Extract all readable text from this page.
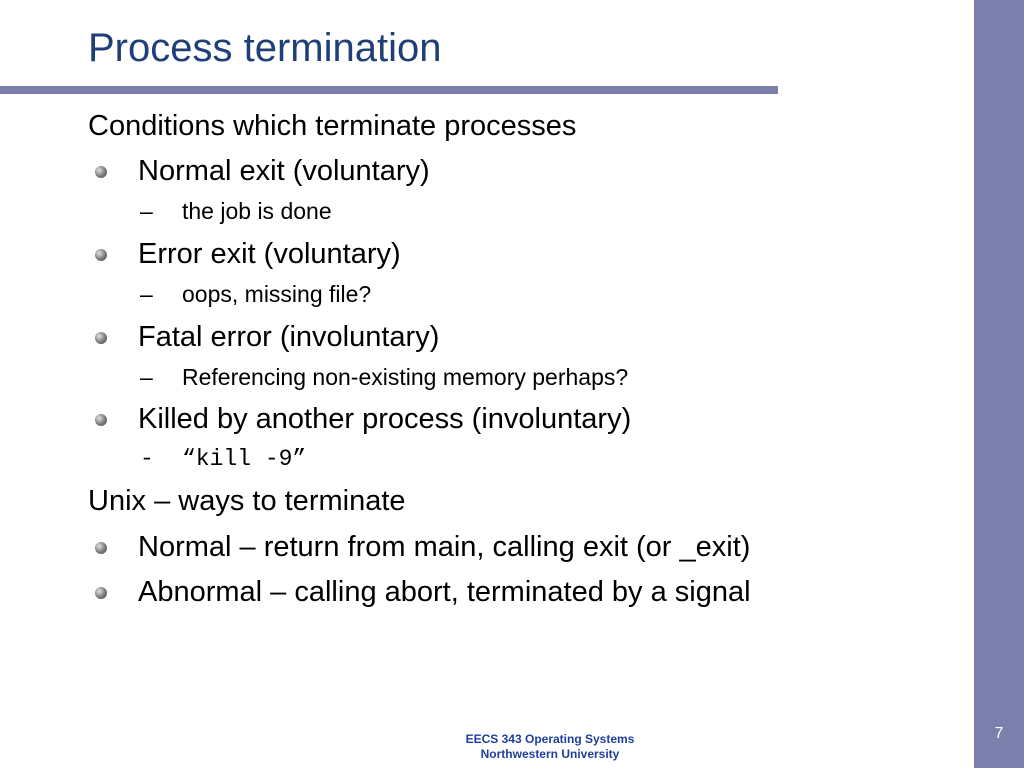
Process termination
Conditions which terminate processes
Normal exit (voluntary)
– the job is done
Error exit (voluntary)
– oops, missing file?
Fatal error (involuntary)
– Referencing non-existing memory perhaps?
Killed by another process (involuntary)
- “kill -9”
Unix – ways to terminate
Normal – return from main, calling exit (or _exit)
Abnormal – calling abort, terminated by a signal
EECS 343 Operating Systems
Northwestern University
7
